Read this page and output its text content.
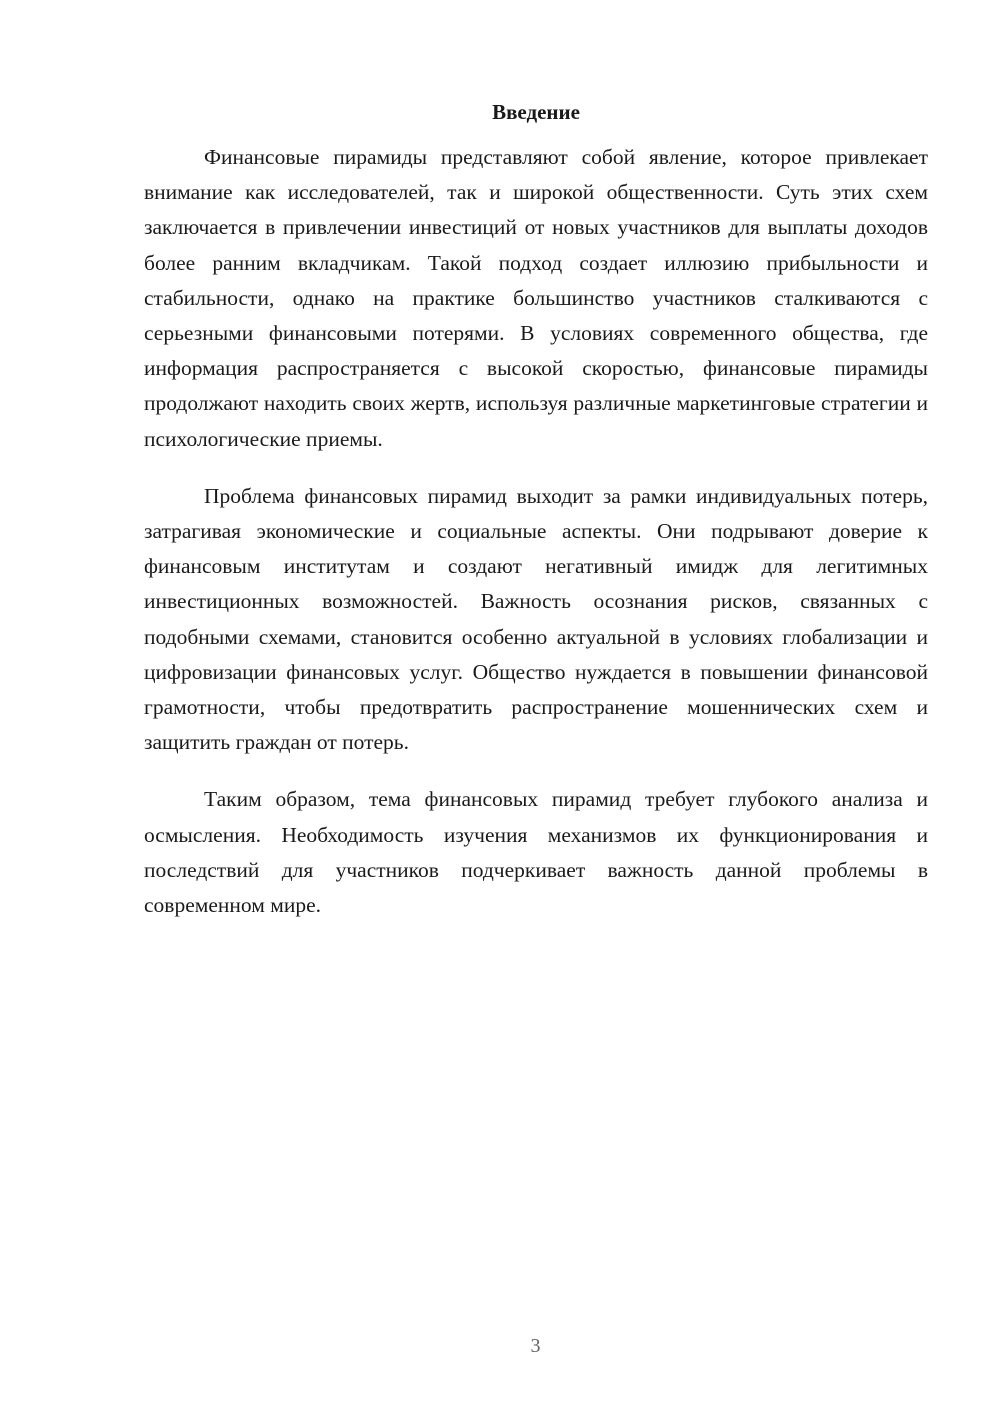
Введение

Финансовые пирамиды представляют собой явление, которое привлекает внимание как исследователей, так и широкой общественности. Суть этих схем заключается в привлечении инвестиций от новых участников для выплаты доходов более ранним вкладчикам. Такой подход создает иллюзию прибыльности и стабильности, однако на практике большинство участников сталкиваются с серьезными финансовыми потерями. В условиях современного общества, где информация распространяется с высокой скоростью, финансовые пирамиды продолжают находить своих жертв, используя различные маркетинговые стратегии и психологические приемы.

Проблема финансовых пирамид выходит за рамки индивидуальных потерь, затрагивая экономические и социальные аспекты. Они подрывают доверие к финансовым институтам и создают негативный имидж для легитимных инвестиционных возможностей. Важность осознания рисков, связанных с подобными схемами, становится особенно актуальной в условиях глобализации и цифровизации финансовых услуг. Общество нуждается в повышении финансовой грамотности, чтобы предотвратить распространение мошеннических схем и защитить граждан от потерь.

Таким образом, тема финансовых пирамид требует глубокого анализа и осмысления. Необходимость изучения механизмов их функционирования и последствий для участников подчеркивает важность данной проблемы в современном мире.

3
